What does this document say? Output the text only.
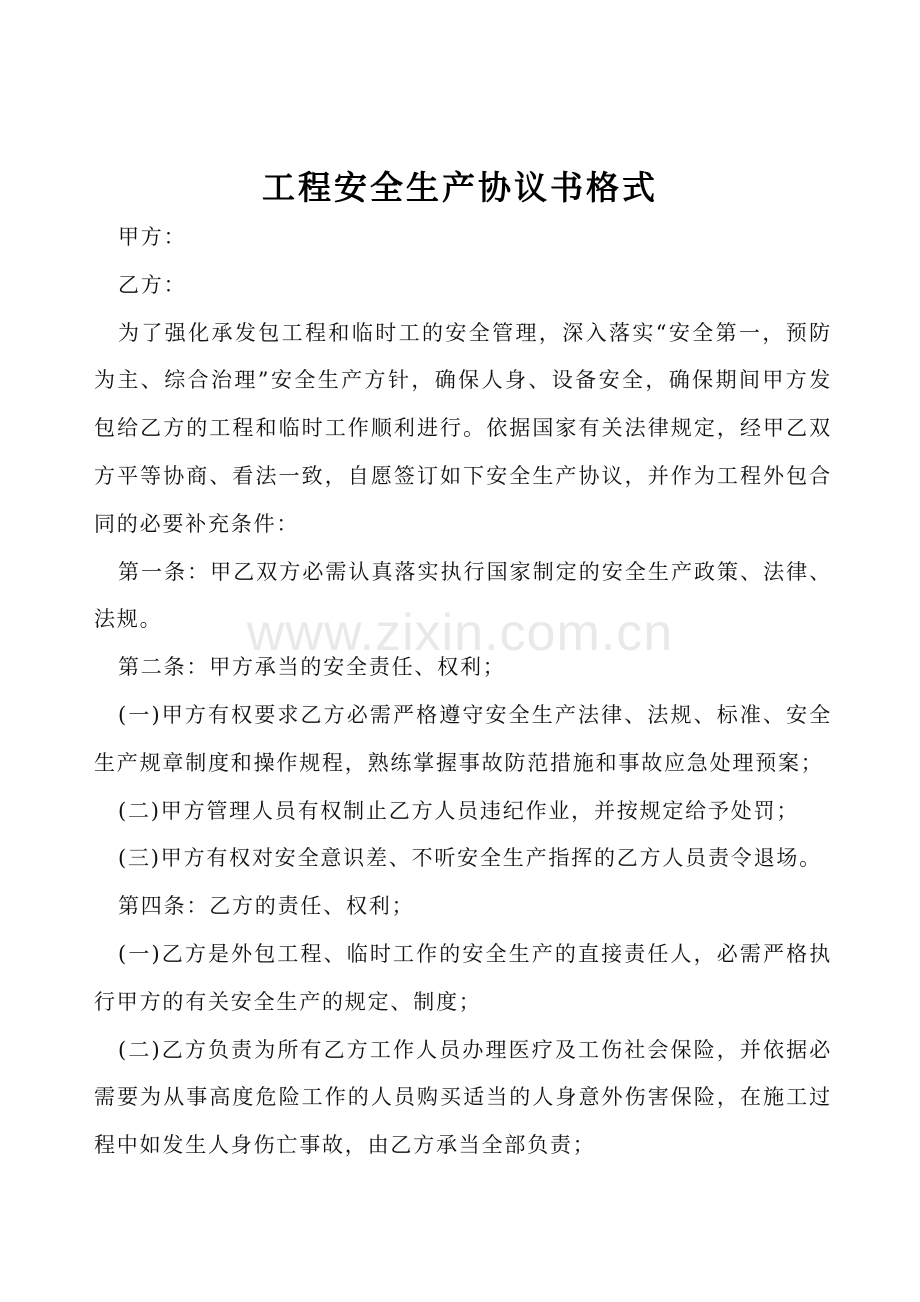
工程安全生产协议书格式

甲方：

乙方：

为了强化承发包工程和临时工的安全管理，深入落实“安全第一，预防为主、综合治理”安全生产方针，确保人身、设备安全，确保期间甲方发包给乙方的工程和临时工作顺利进行。依据国家有关法律规定，经甲乙双方平等协商、看法一致，自愿签订如下安全生产协议，并作为工程外包合同的必要补充条件：

第一条：甲乙双方必需认真落实执行国家制定的安全生产政策、法律、法规。

第二条：甲方承当的安全责任、权利；

(一)甲方有权要求乙方必需严格遵守安全生产法律、法规、标准、安全生产规章制度和操作规程，熟练掌握事故防范措施和事故应急处理预案；

(二)甲方管理人员有权制止乙方人员违纪作业，并按规定给予处罚；

(三)甲方有权对安全意识差、不听安全生产指挥的乙方人员责令退场。

第四条：乙方的责任、权利；

(一)乙方是外包工程、临时工作的安全生产的直接责任人，必需严格执行甲方的有关安全生产的规定、制度；

(二)乙方负责为所有乙方工作人员办理医疗及工伤社会保险，并依据必需要为从事高度危险工作的人员购买适当的人身意外伤害保险，在施工过程中如发生人身伤亡事故，由乙方承当全部负责；

www.zixin.com.cn
